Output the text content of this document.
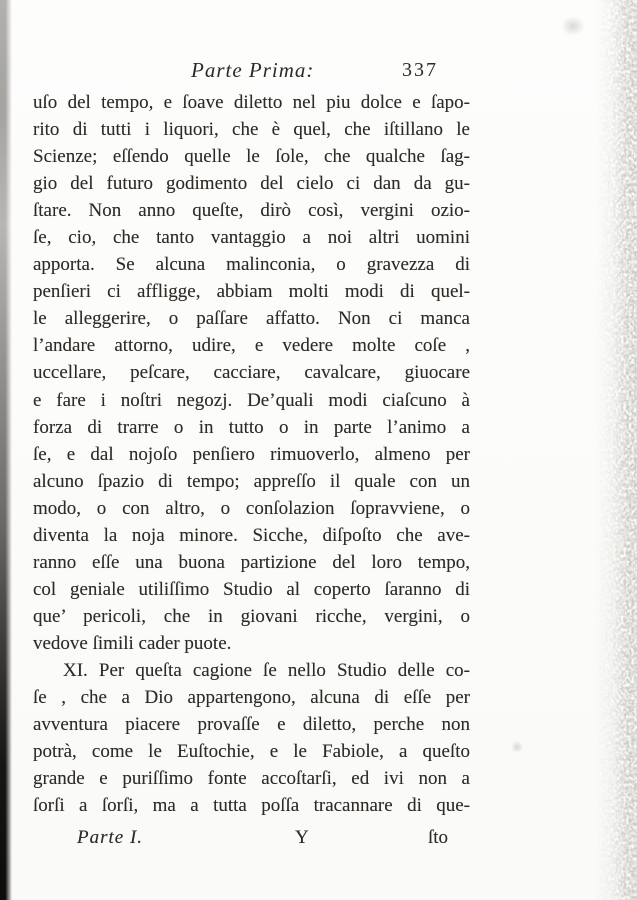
Parte Prima:	337
uſo del tempo, e ſoave diletto nel piu dolce e ſapo-
rito di tutti i liquori, che è quel, che iſtillano le
Scienze; eſſendo quelle le ſole, che qualche ſag-
gio del futuro godimento del cielo ci dan da gu-
ſtare. Non anno queſte, dirò così, vergini ozio-
ſe, cio, che tanto vantaggio a noi altri uomini
apporta. Se alcuna malinconia, o gravezza di
penſieri ci affligge, abbiam molti modi di quel-
le alleggerire, o paſſare affatto. Non ci manca
l’andare attorno, udire, e vedere molte coſe ,
uccellare, peſcare, cacciare, cavalcare, giuocare
e fare i noſtri negozj. De’quali modi ciaſcuno à
forza di trarre o in tutto o in parte l’animo a
ſe, e dal nojoſo penſiero rimuoverlo, almeno per
alcuno ſpazio di tempo; appreſſo il quale con un
modo, o con altro, o conſolazion ſopravviene, o
diventa la noja minore. Sicche, diſpoſto che ave-
ranno eſſe una buona partizione del loro tempo,
col geniale utiliſſimo Studio al coperto ſaranno di
que’ pericoli, che in giovani ricche, vergini, o
vedove ſimili cader puote.
XI. Per queſta cagione ſe nello Studio delle co-
ſe , che a Dio appartengono, alcuna di eſſe per
avventura piacere provaſſe e diletto, perche non
potrà, come le Euſtochie, e le Fabiole, a queſto
grande e puriſſimo fonte accoſtarſi, ed ivi non a
ſorſi a ſorſi, ma a tutta poſſa tracannare di que-
Parte I.	Y	ſto
